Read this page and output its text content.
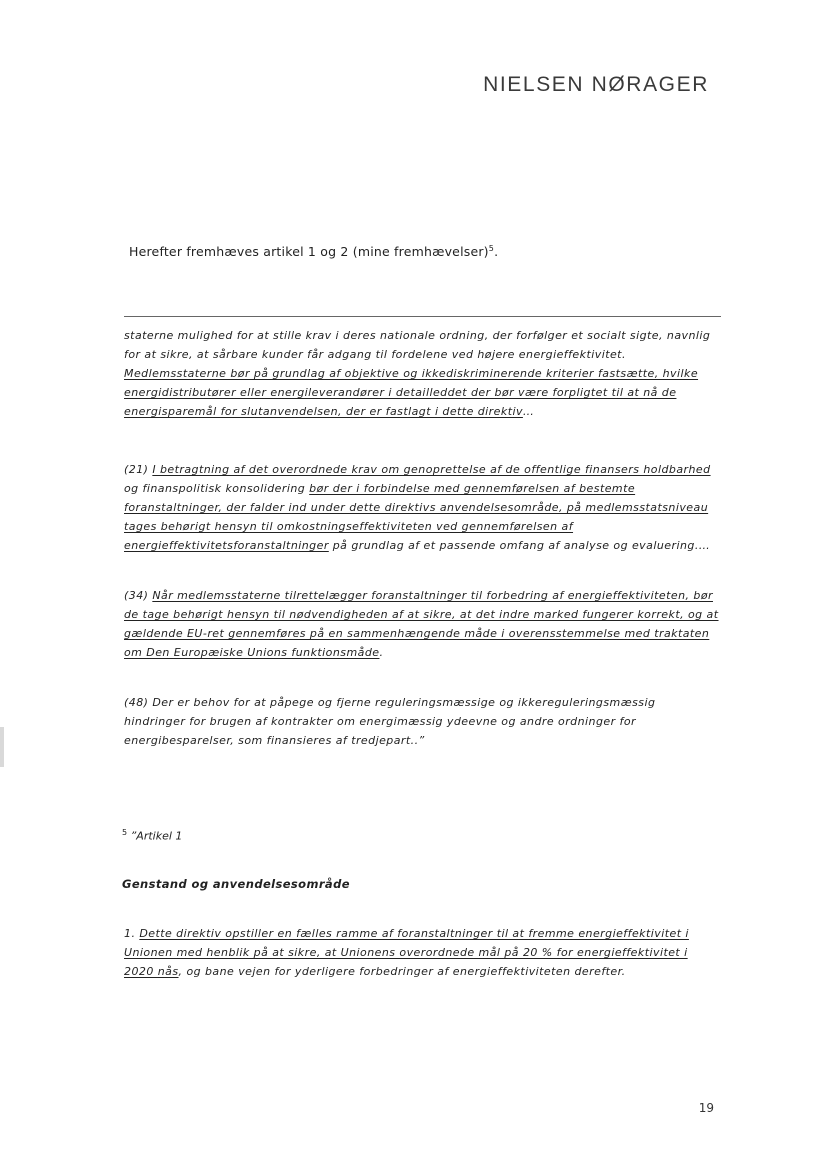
NIELSEN NØRAGER
Herefter fremhæves artikel 1 og 2 (mine fremhævelser)$^5$.
staterne mulighed for at stille krav i deres nationale ordning, der forfølger et socialt sigte, navnlig for at sikre, at sårbare kunder får adgang til fordelene ved højere energieffektivitet. Medlemsstaterne bør på grundlag af objektive og ikkediskriminerende kriterier fastsætte, hvilke energidistributører eller energileverandører i detailleddet der bør være forpligtet til at nå de energisparemål for slutanvendelsen, der er fastlagt i dette direktiv…
(21) I betragtning af det overordnede krav om genoprettelse af de offentlige finansers holdbarhed og finanspolitisk konsolidering bør der i forbindelse med gennemførelsen af bestemte foranstaltninger, der falder ind under dette direktivs anvendelsesområde, på medlemsstatsniveau tages behørigt hensyn til omkostningseffektiviteten ved gennemførelsen af energieffektivitetsforanstaltninger på grundlag af et passende omfang af analyse og evaluering.…
(34) Når medlemsstaterne tilrettelægger foranstaltninger til forbedring af energieffektiviteten, bør de tage behørigt hensyn til nødvendigheden af at sikre, at det indre marked fungerer korrekt, og at gældende EU-ret gennemføres på en sammenhængende måde i overensstemmelse med traktaten om Den Europæiske Unions funktionsmåde.
(48) Der er behov for at påpege og fjerne reguleringsmæssige og ikkereguleringsmæssig hindringer for brugen af kontrakter om energimæssig ydeevne og andre ordninger for energibesparelser, som finansieres af tredjepart..”
$^5$ ”Artikel 1
Genstand og anvendelsesområde
1. Dette direktiv opstiller en fælles ramme af foranstaltninger til at fremme energieffektivitet i Unionen med henblik på at sikre, at Unionens overordnede mål på 20 % for energieffektivitet i 2020 nås, og bane vejen for yderligere forbedringer af energieffektiviteten derefter.
19
